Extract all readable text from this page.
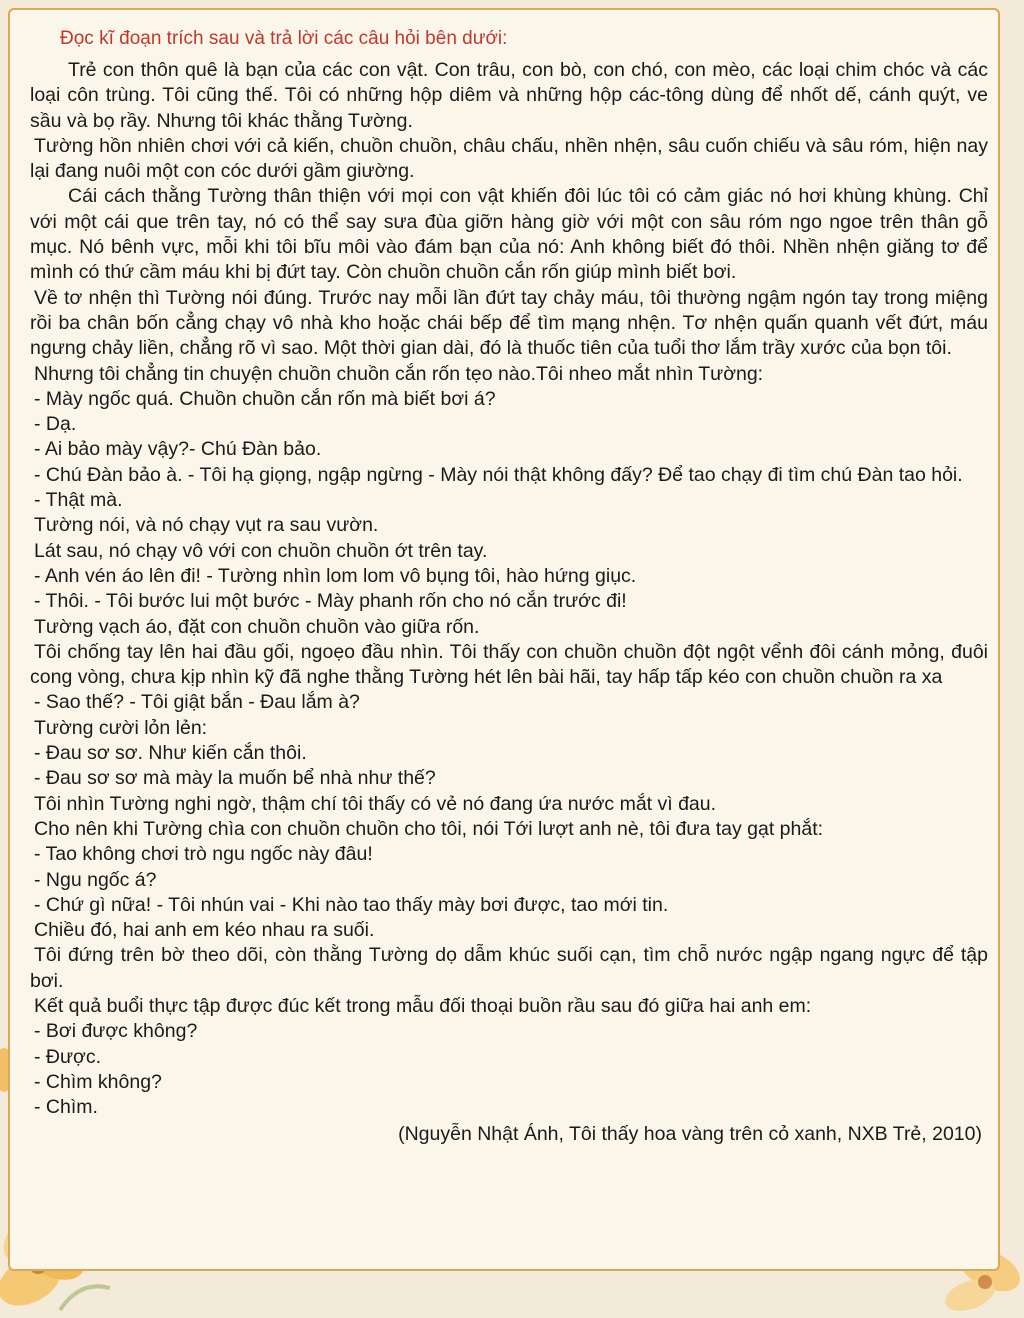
Đọc kĩ đoạn trích sau và trả lời các câu hỏi bên dưới:

Trẻ con thôn quê là bạn của các con vật. Con trâu, con bò, con chó, con mèo, các loại chim chóc và các loại côn trùng. Tôi cũng thế. Tôi có những hộp diêm và những hộp các-tông dùng để nhốt dế, cánh quýt, ve sầu và bọ rầy. Nhưng tôi khác thằng Tường.

Tường hồn nhiên chơi với cả kiến, chuồn chuồn, châu chấu, nhền nhện, sâu cuốn chiếu và sâu róm, hiện nay lại đang nuôi một con cóc dưới gầm giường.

Cái cách thằng Tường thân thiện với mọi con vật khiến đôi lúc tôi có cảm giác nó hơi khùng khùng. Chỉ với một cái que trên tay, nó có thể say sưa đùa giỡn hàng giờ với một con sâu róm ngo ngoe trên thân gỗ mục. Nó bênh vực, mỗi khi tôi bĩu môi vào đám bạn của nó: Anh không biết đó thôi. Nhền nhện giăng tơ để mình có thứ cầm máu khi bị đứt tay. Còn chuồn chuồn cắn rốn giúp mình biết bơi.

Về tơ nhện thì Tường nói đúng. Trước nay mỗi lần đứt tay chảy máu, tôi thường ngậm ngón tay trong miệng rồi ba chân bốn cẳng chạy vô nhà kho hoặc chái bếp để tìm mạng nhện. Tơ nhện quấn quanh vết đứt, máu ngưng chảy liền, chẳng rõ vì sao. Một thời gian dài, đó là thuốc tiên của tuổi thơ lắm trầy xước của bọn tôi.

Nhưng tôi chẳng tin chuyện chuồn chuồn cắn rốn tẹo nào.Tôi nheo mắt nhìn Tường:

- Mày ngốc quá. Chuồn chuồn cắn rốn mà biết bơi á?

- Dạ.

- Ai bảo mày vậy?- Chú Đàn bảo.

- Chú Đàn bảo à. - Tôi hạ giọng, ngập ngừng - Mày nói thật không đấy? Để tao chạy đi tìm chú Đàn tao hỏi.

- Thật mà.

Tường nói, và nó chạy vụt ra sau vườn.

Lát sau, nó chạy vô với con chuồn chuồn ớt trên tay.

- Anh vén áo lên đi! - Tường nhìn lom lom vô bụng tôi, hào hứng giục.

- Thôi. - Tôi bước lui một bước - Mày phanh rốn cho nó cắn trước đi!

Tường vạch áo, đặt con chuồn chuồn vào giữa rốn.

Tôi chống tay lên hai đầu gối, ngoẹo đầu nhìn. Tôi thấy con chuồn chuồn đột ngột vểnh đôi cánh mỏng, đuôi cong vòng, chưa kịp nhìn kỹ đã nghe thằng Tường hét lên bài hãi, tay hấp tấp kéo con chuồn chuồn ra xa

- Sao thế? - Tôi giật bắn - Đau lắm à?

Tường cười lỏn lẻn:

- Đau sơ sơ. Như kiến cắn thôi.

- Đau sơ sơ mà mày la muốn bể nhà như thế?

Tôi nhìn Tường nghi ngờ, thậm chí tôi thấy có vẻ nó đang ứa nước mắt vì đau.

Cho nên khi Tường chìa con chuồn chuồn cho tôi, nói Tới lượt anh nè, tôi đưa tay gạt phắt:

- Tao không chơi trò ngu ngốc này đâu!

- Ngu ngốc á?

- Chứ gì nữa! - Tôi nhún vai - Khi nào tao thấy mày bơi được, tao mới tin.

Chiều đó, hai anh em kéo nhau ra suối.

Tôi đứng trên bờ theo dõi, còn thằng Tường dọ dẫm khúc suối cạn, tìm chỗ nước ngập ngang ngực để tập bơi.

Kết quả buổi thực tập được đúc kết trong mẫu đối thoại buồn rầu sau đó giữa hai anh em:

- Bơi được không?

- Được.

- Chìm không?

- Chìm.

(Nguyễn Nhật Ánh, Tôi thấy hoa vàng trên cỏ xanh, NXB Trẻ, 2010)
